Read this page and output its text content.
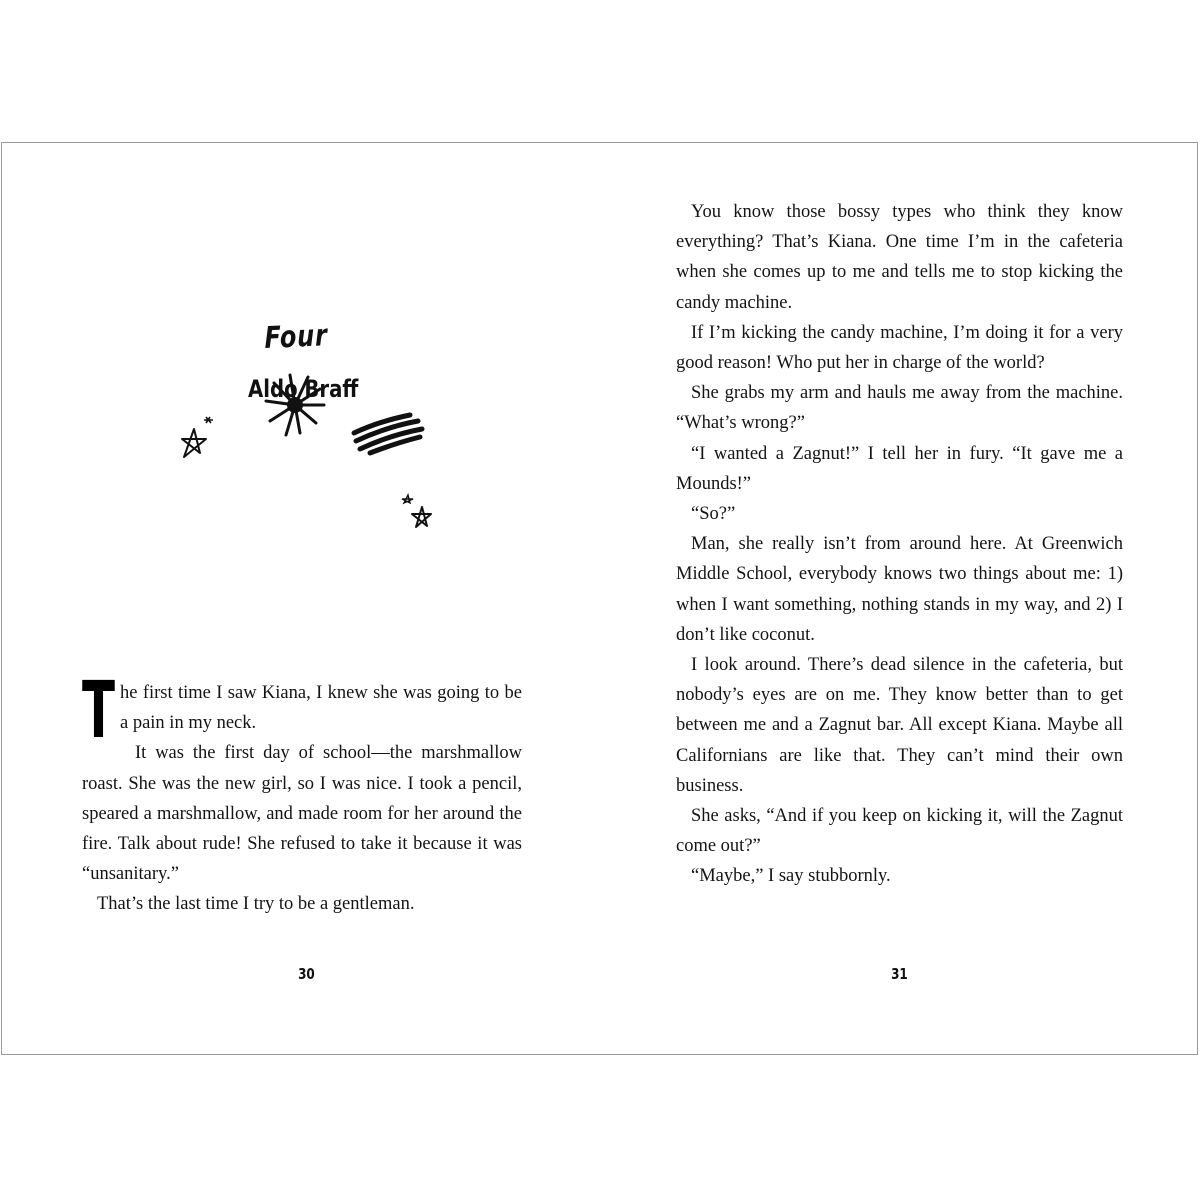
Four
Aldo Braff

The first time I saw Kiana, I knew she was going to be a pain in my neck.

It was the first day of school—the marshmallow roast. She was the new girl, so I was nice. I took a pencil, speared a marshmallow, and made room for her around the fire. Talk about rude! She refused to take it because it was “unsanitary.”

That’s the last time I try to be a gentleman.

30

You know those bossy types who think they know everything? That’s Kiana. One time I’m in the cafeteria when she comes up to me and tells me to stop kicking the candy machine.

If I’m kicking the candy machine, I’m doing it for a very good reason! Who put her in charge of the world?

She grabs my arm and hauls me away from the machine. “What’s wrong?”

“I wanted a Zagnut!” I tell her in fury. “It gave me a Mounds!”

“So?”

Man, she really isn’t from around here. At Greenwich Middle School, everybody knows two things about me: 1) when I want something, nothing stands in my way, and 2) I don’t like coconut.

I look around. There’s dead silence in the cafeteria, but nobody’s eyes are on me. They know better than to get between me and a Zagnut bar. All except Kiana. Maybe all Californians are like that. They can’t mind their own business.

She asks, “And if you keep on kicking it, will the Zagnut come out?”

“Maybe,” I say stubbornly.

31
